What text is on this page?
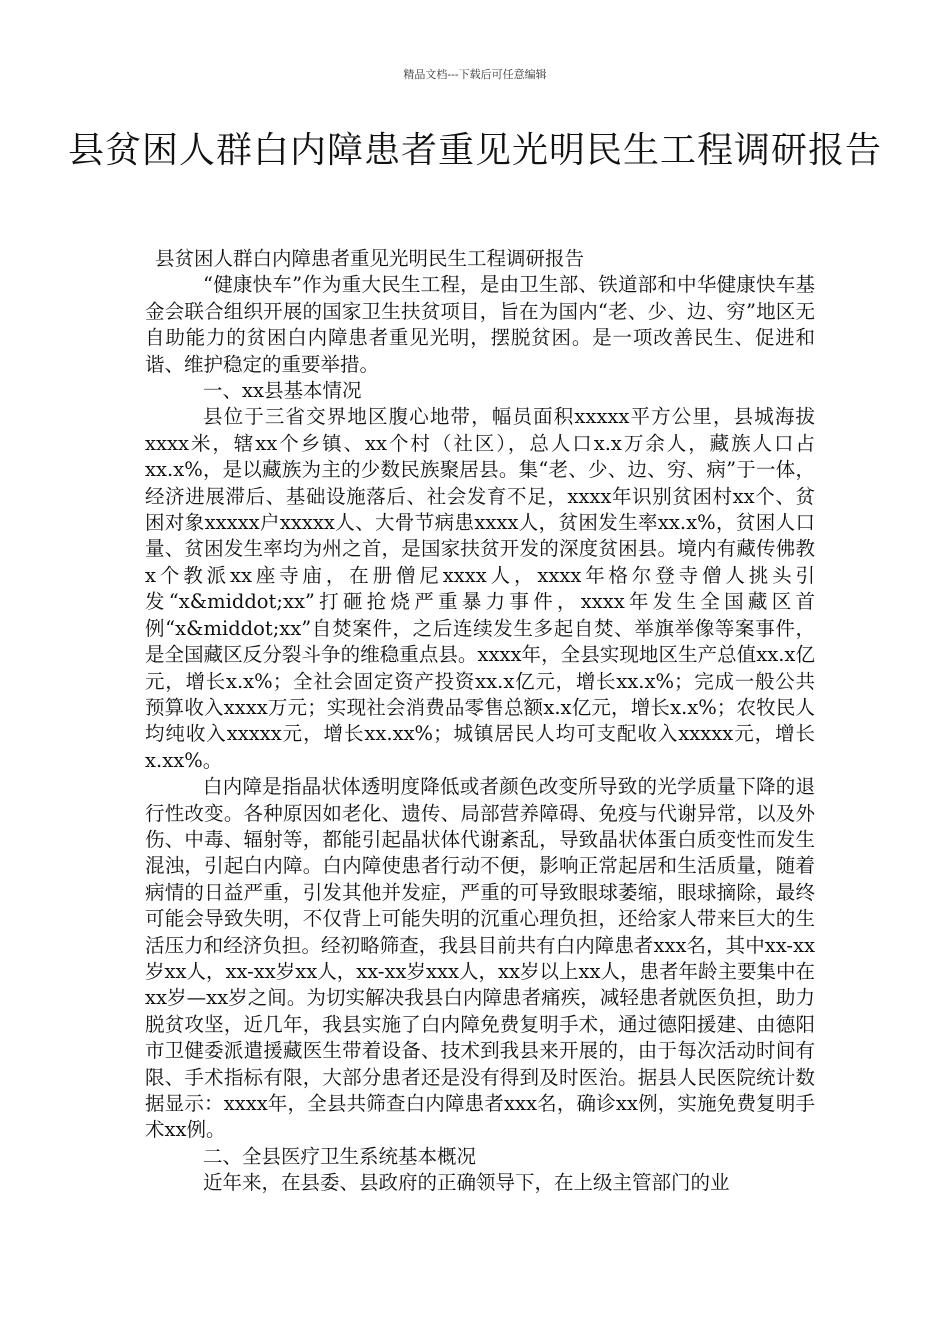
精品文档---下载后可任意编辑
县贫困人群白内障患者重见光明民生工程调研报告

县贫困人群白内障患者重见光明民生工程调研报告

“健康快车”作为重大民生工程，是由卫生部、铁道部和中华健康快车基金会联合组织开展的国家卫生扶贫项目，旨在为国内“老、少、边、穷”地区无自助能力的贫困白内障患者重见光明，摆脱贫困。是一项改善民生、促进和谐、维护稳定的重要举措。

一、xx县基本情况

县位于三省交界地区腹心地带，幅员面积xxxxx平方公里，县城海拔xxxx米，辖xx个乡镇、xx个村（社区），总人口x.x万余人，藏族人口占xx.x%，是以藏族为主的少数民族聚居县。集“老、少、边、穷、病”于一体，经济进展滞后、基础设施落后、社会发育不足，xxxx年识别贫困村xx个、贫困对象xxxxx户xxxxx人、大骨节病患xxxx人，贫困发生率xx.x%，贫困人口量、贫困发生率均为州之首，是国家扶贫开发的深度贫困县。境内有藏传佛教x个教派xx座寺庙，在册僧尼xxxx人，xxxx年格尔登寺僧人挑头引发“x&middot;xx”打砸抢烧严重暴力事件，xxxx年发生全国藏区首例“x&middot;xx”自焚案件，之后连续发生多起自焚、举旗举像等案事件，是全国藏区反分裂斗争的维稳重点县。xxxx年，全县实现地区生产总值xx.x亿元，增长x.x%；全社会固定资产投资xx.x亿元，增长xx.x%；完成一般公共预算收入xxxx万元；实现社会消费品零售总额x.x亿元，增长x.x%；农牧民人均纯收入xxxxx元，增长xx.xx%；城镇居民人均可支配收入xxxxx元，增长x.xx%。

白内障是指晶状体透明度降低或者颜色改变所导致的光学质量下降的退行性改变。各种原因如老化、遗传、局部营养障碍、免疫与代谢异常，以及外伤、中毒、辐射等，都能引起晶状体代谢紊乱，导致晶状体蛋白质变性而发生混浊，引起白内障。白内障使患者行动不便，影响正常起居和生活质量，随着病情的日益严重，引发其他并发症，严重的可导致眼球萎缩，眼球摘除，最终可能会导致失明，不仅背上可能失明的沉重心理负担，还给家人带来巨大的生活压力和经济负担。经初略筛查，我县目前共有白内障患者xxx名，其中xx-xx岁xx人，xx-xx岁xx人，xx-xx岁xxx人，xx岁以上xx人，患者年龄主要集中在xx岁—xx岁之间。为切实解决我县白内障患者痛疾，减轻患者就医负担，助力脱贫攻坚，近几年，我县实施了白内障免费复明手术，通过德阳援建、由德阳市卫健委派遣援藏医生带着设备、技术到我县来开展的，由于每次活动时间有限、手术指标有限，大部分患者还是没有得到及时医治。据县人民医院统计数据显示：xxxx年，全县共筛查白内障患者xxx名，确诊xx例，实施免费复明手术xx例。

二、全县医疗卫生系统基本概况

近年来，在县委、县政府的正确领导下，在上级主管部门的业
